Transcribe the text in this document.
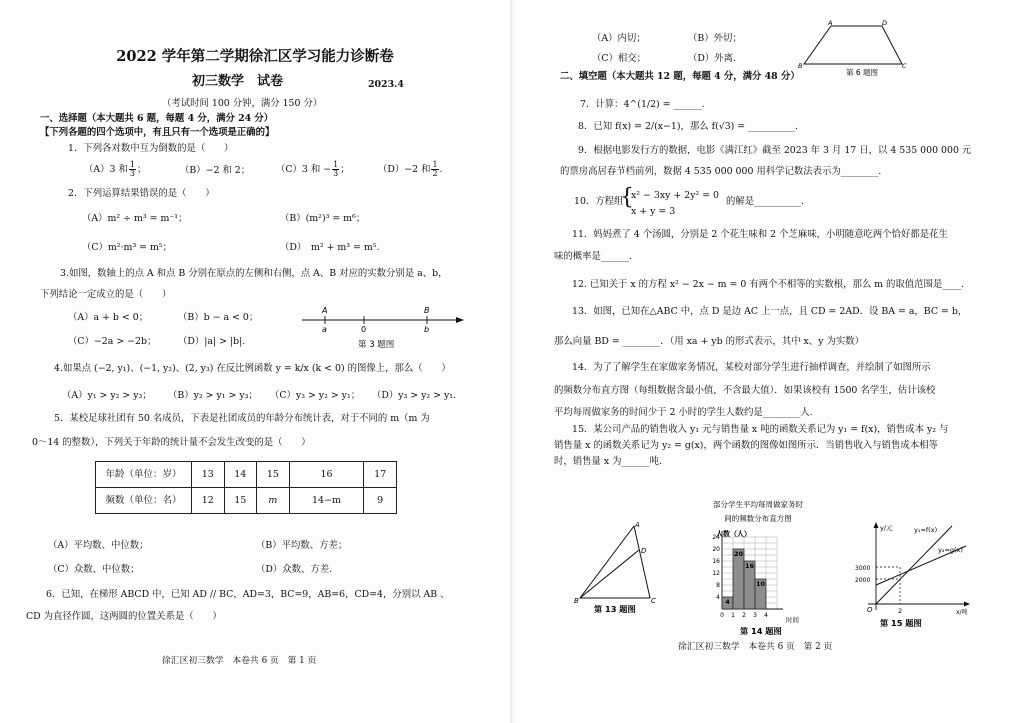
2022 学年第二学期徐汇区学习能力诊断卷
初三数学　试卷	2023.4
（考试时间 100 分钟，满分 150 分）
一、选择题（本大题共 6 题，每题 4 分，满分 24 分）
【下列各题的四个选项中，有且只有一个选项是正确的】
1．下列各对数中互为倒数的是（　　）
（A）3 和 $\frac{1}{3}$ ；	（B）−2 和 2；	（C）3 和 − $\frac{1}{3}$ ；	（D）−2 和 $\frac{1}{2}$ .
2．下列运算结果错误的是（　　）
（A）m² ÷ m³ = m⁻¹；	（B）(m²)³ = m⁶；
（C）m²·m³ = m⁵；	（D）　m² + m³ = m⁵.
3.如图，数轴上的点 A 和点 B 分别在原点的左侧和右侧，点 A、B 对应的实数分别是 a、b，
下列结论一定成立的是（　　）
（A）a + b < 0；	（B）b − a < 0；
（C）−2a > −2b； （D）|a| > |b|.
A
a	0
B
b
第 3 题图
4.如果点 (−2, y₁)、(−1, y₂)、(2, y₃) 在反比例函数 y = k/x (k < 0) 的图像上，那么（　　）
（A）y₁ > y₂ > y₃； （B）y₂ > y₁ > y₃； （C）y₃ > y₂ > y₁； （D）y₃ > y₂ > y₁.
5．某校足球社团有 50 名成员，下表是社团成员的年龄分布统计表，对于不同的 m（m 为
0～14 的整数），下列关于年龄的统计量不会发生改变的是（　　）
年龄（单位：岁）	13	14	15	16	17
频数（单位：名）	12	15	m	14−m	9
（A）平均数、中位数；	（B）平均数、方差；
（C）众数、中位数；	（D）众数、方差.
6．已知，在梯形 ABCD 中，已知 AD // BC，AD=3，BC=9，AB=6，CD=4，分别以 AB 、
CD 为直径作圆，这两圆的位置关系是（　　）
徐汇区初三数学　本卷共 6 页　第 1 页
（A）内切；	（B）外切；
（C）相交；	（D）外离.
A	D
B	C
第 6 题图
二、填空题（本大题共 12 题，每题 4 分，满分 48 分）
7．计算：4^(1/2) = ______.
8．已知 f(x) = 2/(x−1)，那么 f(√3) = __________.
9．根据电影发行方的数据，电影《满江红》截至 2023 年 3 月 17 日，以 4 535 000 000 元
的票房高居春节档前列，数据 4 535 000 000 用科学记数法表示为________.
10．方程组
{
x² − 3xy + 2y² = 0
x + y = 3
的解是__________.
11．妈妈煮了 4 个汤圆，分别是 2 个花生味和 2 个芝麻味，小明随意吃两个恰好都是花生
味的概率是______.
12. 已知关于 x 的方程 x² − 2x − m = 0 有两个不相等的实数根，那么 m 的取值范围是____.
13．如图，已知在△ABC 中，点 D 是边 AC 上一点，且 CD = 2AD．设 BA = a，BC = b，
那么向量 BD = ________．（用 xa + yb 的形式表示，其中 x、y 为实数）
14．为了了解学生在家做家务情况，某校对部分学生进行抽样调查，并绘制了如图所示
的频数分布直方图（每组数据含最小值，不含最大值）．如果该校有 1500 名学生，估计该校
平均每周做家务的时间少于 2 小时的学生人数约是________人.
15．某公司产品的销售收入 y₁ 元与销售量 x 吨的函数关系记为 y₁ = f(x)，销售成本 y₂ 与
销售量 x 的函数关系记为 y₂ = g(x)，两个函数的图像如图所示．当销售收入与销售成本相等
时，销售量 x 为______吨.
A
D
B	C
第 13 题图
部分学生平均每周做家务时
间的频数分布直方图
人数（人）
时间
第 14 题图
4
20
16
10
24
20
16
12
8
4
0 1 2 3 4
y/元
x/吨
y₁=f(x)
y₂=g(x)
3000
2000
O	2
第 15 题图
徐汇区初三数学　本卷共 6 页　第 2 页
